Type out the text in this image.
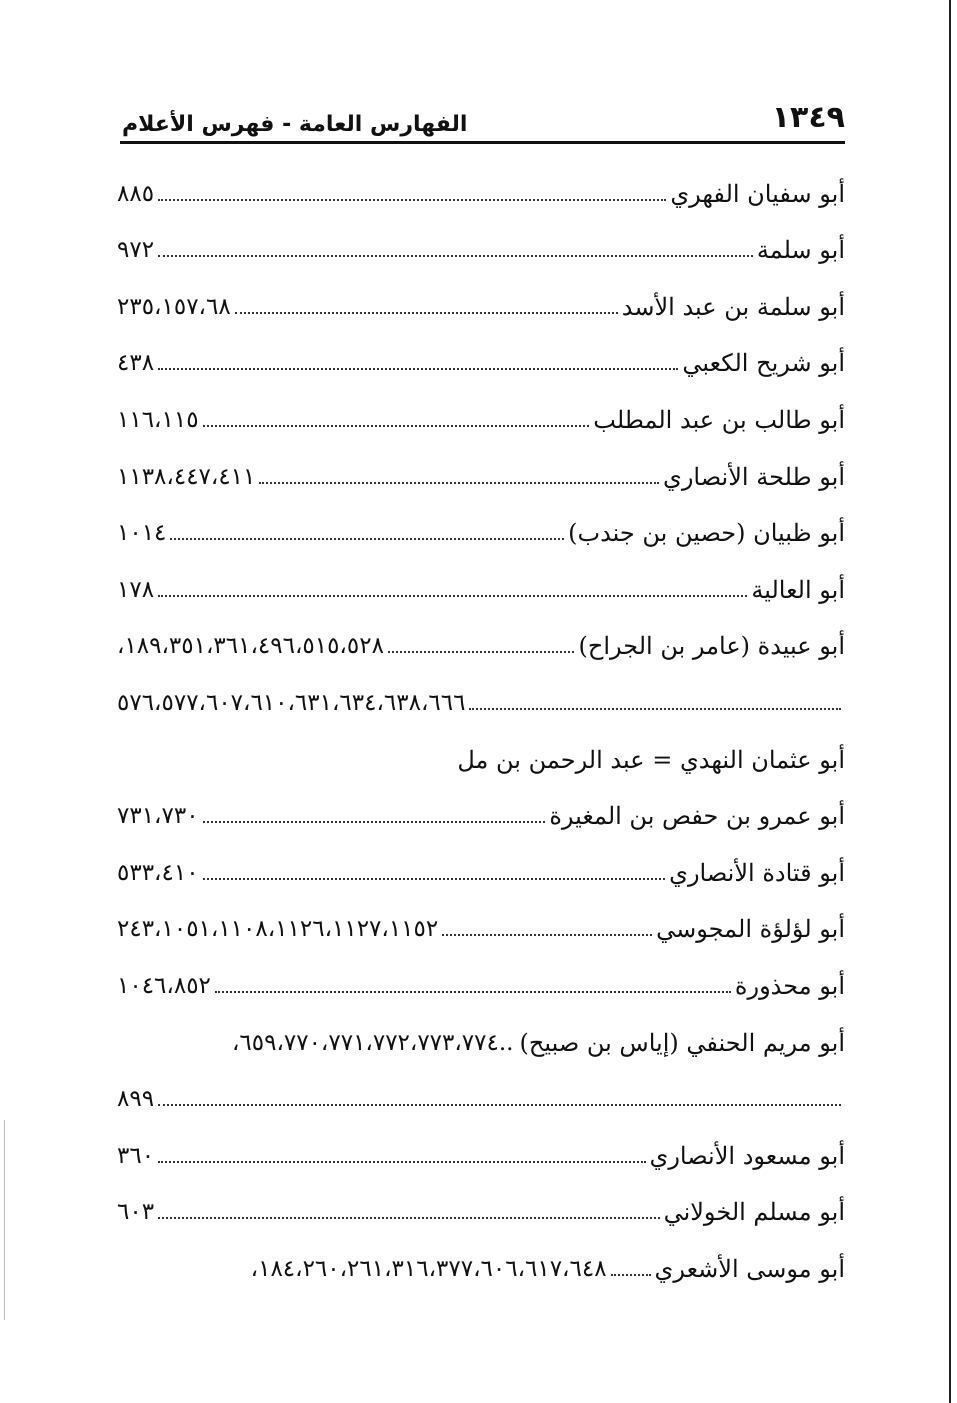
١٣٤٩
الفهارس العامة - فهرس الأعلام
أبو سفيان الفهري
٨٨٥
أبو سلمة
٩٧٢
أبو سلمة بن عبد الأسد
٢٣٥،١٥٧،٦٨
أبو شريح الكعبي
٤٣٨
أبو طالب بن عبد المطلب
١١٦،١١٥
أبو طلحة الأنصاري
١١٣٨،٤٤٧،٤١١
أبو ظبيان (حصين بن جندب)
١٠١٤
أبو العالية
١٧٨
أبو عبيدة (عامر بن الجراح)
١٨٩،٣٥١،٣٦١،٤٩٦،٥١٥،٥٢٨،
٥٧٦،٥٧٧،٦٠٧،٦١٠،٦٣١،٦٣٤،٦٣٨،٦٦٦
أبو عثمان النهدي = عبد الرحمن بن مل
أبو عمرو بن حفص بن المغيرة
٧٣١،٧٣٠
أبو قتادة الأنصاري
٥٣٣،٤١٠
أبو لؤلؤة المجوسي
٢٤٣،١٠٥١،١١٠٨،١١٢٦،١١٢٧،١١٥٢
أبو محذورة
١٠٤٦،٨٥٢
أبو مريم الحنفي (إياس بن صبيح)
..٦٥٩،٧٧٠،٧٧١،٧٧٢،٧٧٣،٧٧٤،
٨٩٩
أبو مسعود الأنصاري
٣٦٠
أبو مسلم الخولاني
٦٠٣
أبو موسى الأشعري
١٨٤،٢٦٠،٢٦١،٣١٦،٣٧٧،٦٠٦،٦١٧،٦٤٨،
